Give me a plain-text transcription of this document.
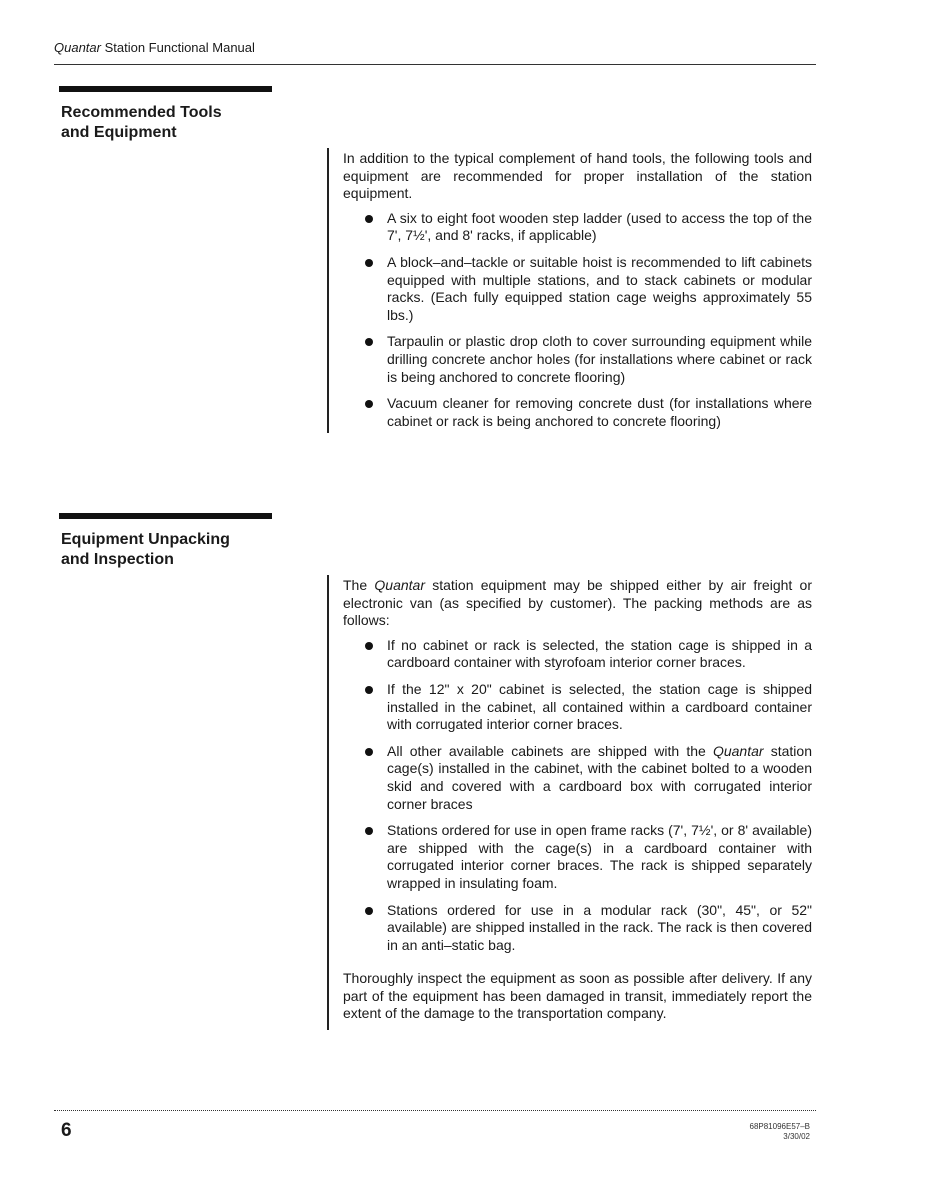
Quantar Station Functional Manual
Recommended Tools
and Equipment

In addition to the typical complement of hand tools, the following tools and equipment are recommended for proper installation of the station equipment.

A six to eight foot wooden step ladder (used to access the top of the 7', 7½', and 8' racks, if applicable)
A block–and–tackle or suitable hoist is recommended to lift cabinets equipped with multiple stations, and to stack cabinets or modular racks. (Each fully equipped station cage weighs approximately 55 lbs.)
Tarpaulin or plastic drop cloth to cover surrounding equipment while drilling concrete anchor holes (for installations where cabinet or rack is being anchored to concrete flooring)
Vacuum cleaner for removing concrete dust (for installations where cabinet or rack is being anchored to concrete flooring)
Equipment Unpacking
and Inspection

The Quantar station equipment may be shipped either by air freight or electronic van (as specified by customer). The packing methods are as follows:

If no cabinet or rack is selected, the station cage is shipped in a cardboard container with styrofoam interior corner braces.
If the 12" x 20" cabinet is selected, the station cage is shipped installed in the cabinet, all contained within a cardboard container with corrugated interior corner braces.
All other available cabinets are shipped with the Quantar station cage(s) installed in the cabinet, with the cabinet bolted to a wooden skid and covered with a cardboard box with corrugated interior corner braces
Stations ordered for use in open frame racks (7', 7½', or 8' available) are shipped with the cage(s) in a cardboard container with corrugated interior corner braces. The rack is shipped separately wrapped in insulating foam.
Stations ordered for use in a modular rack (30", 45", or 52" available) are shipped installed in the rack. The rack is then covered in an anti–static bag.

Thoroughly inspect the equipment as soon as possible after delivery. If any part of the equipment has been damaged in transit, immediately report the extent of the damage to the transportation company.

6	68P81096E57–B
3/30/02
